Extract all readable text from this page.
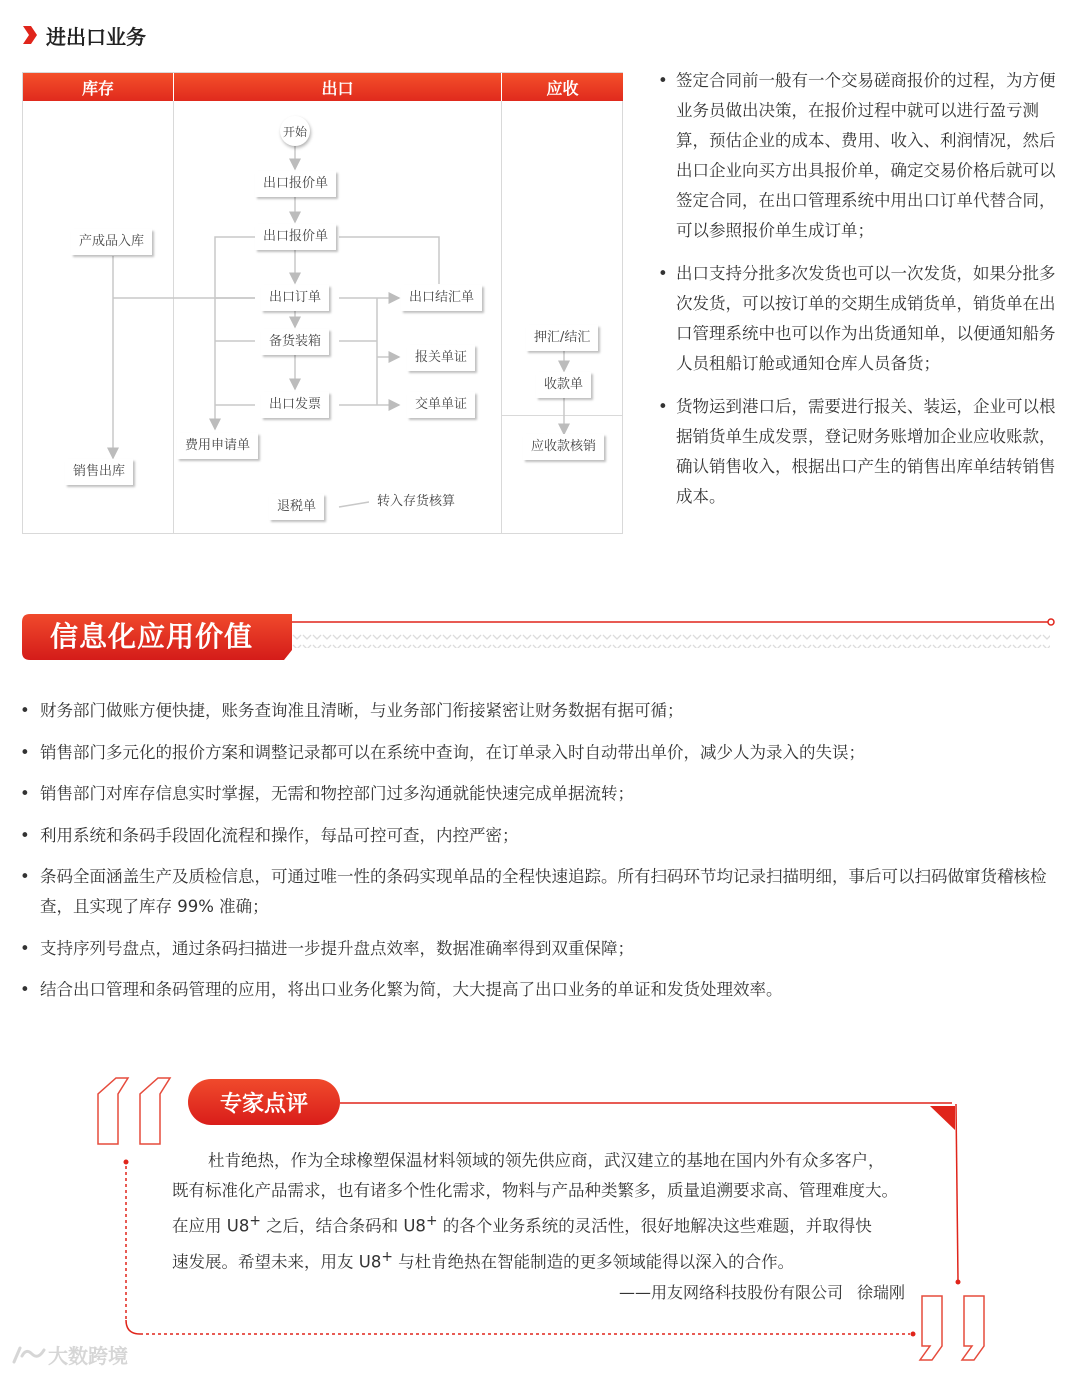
进出口业务
库存	出口	应收
开始
出口报价单
出口报价单
产成品入库
出口订单	出口结汇单
备货装箱
报关单证
出口发票	交单单证
费用申请单
销售出库
退税单	转入存货核算
押汇/结汇
收款单
应收款核销
• 签定合同前一般有一个交易磋商报价的过程，为方便业务员做出决策，在报价过程中就可以进行盈亏测算，预估企业的成本、费用、收入、利润情况，然后出口企业向买方出具报价单，确定交易价格后就可以签定合同，在出口管理系统中用出口订单代替合同，可以参照报价单生成订单；
• 出口支持分批多次发货也可以一次发货，如果分批多次发货，可以按订单的交期生成销货单，销货单在出口管理系统中也可以作为出货通知单，以便通知船务人员租船订舱或通知仓库人员备货；
• 货物运到港口后，需要进行报关、装运，企业可以根据销货单生成发票，登记财务账增加企业应收账款，确认销售收入，根据出口产生的销售出库单结转销售成本。
信息化应用价值
• 财务部门做账方便快捷，账务查询准且清晰，与业务部门衔接紧密让财务数据有据可循；
• 销售部门多元化的报价方案和调整记录都可以在系统中查询，在订单录入时自动带出单价，减少人为录入的失误；
• 销售部门对库存信息实时掌握，无需和物控部门过多沟通就能快速完成单据流转；
• 利用系统和条码手段固化流程和操作，每品可控可查，内控严密；
• 条码全面涵盖生产及质检信息，可通过唯一性的条码实现单品的全程快速追踪。所有扫码环节均记录扫描明细，事后可以扫码做窜货稽核检查，且实现了库存 99% 准确；
• 支持序列号盘点，通过条码扫描进一步提升盘点效率，数据准确率得到双重保障；
• 结合出口管理和条码管理的应用，将出口业务化繁为简，大大提高了出口业务的单证和发货处理效率。
专家点评

杜肯绝热，作为全球橡塑保温材料领域的领先供应商，武汉建立的基地在国内外有众多客户，

既有标准化产品需求，也有诸多个性化需求，物料与产品种类繁多，质量追溯要求高、管理难度大。

在应用 U8+ 之后，结合条码和 U8+ 的各个业务系统的灵活性，很好地解决这些难题，并取得快

速发展。希望未来，用友 U8+ 与杜肯绝热在智能制造的更多领域能得以深入的合作。

——用友网络科技股份有限公司 徐瑞刚
大数跨境
